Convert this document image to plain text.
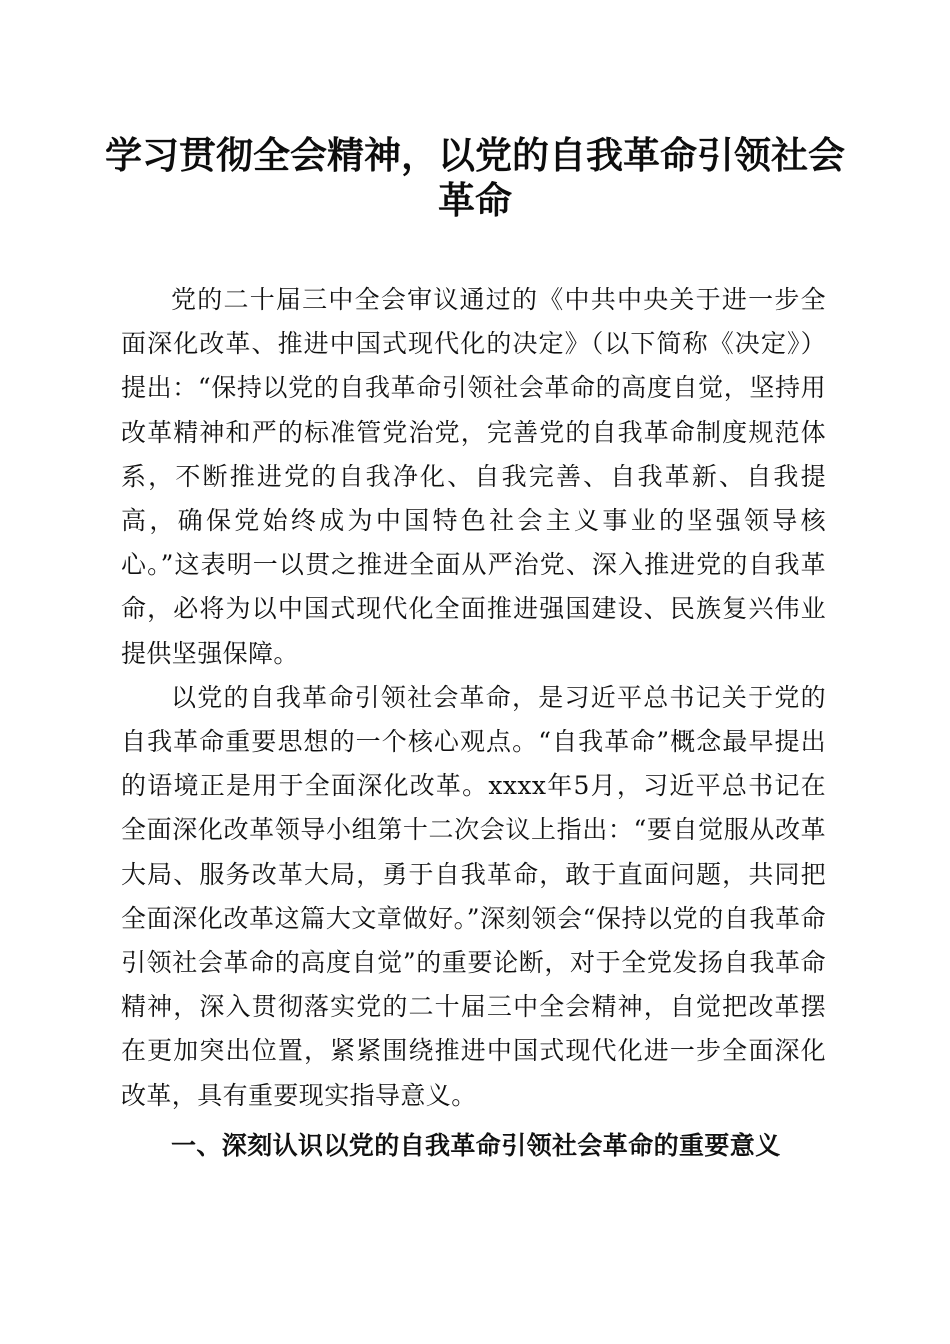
学习贯彻全会精神，以党的自我革命引领社会革命

党的二十届三中全会审议通过的《中共中央关于进一步全面深化改革、推进中国式现代化的决定》（以下简称《决定》）提出：“保持以党的自我革命引领社会革命的高度自觉，坚持用改革精神和严的标准管党治党，完善党的自我革命制度规范体系，不断推进党的自我净化、自我完善、自我革新、自我提高，确保党始终成为中国特色社会主义事业的坚强领导核心。”这表明一以贯之推进全面从严治党、深入推进党的自我革命，必将为以中国式现代化全面推进强国建设、民族复兴伟业提供坚强保障。

以党的自我革命引领社会革命，是习近平总书记关于党的自我革命重要思想的一个核心观点。“自我革命”概念最早提出的语境正是用于全面深化改革。xxxx年5月，习近平总书记在全面深化改革领导小组第十二次会议上指出：“要自觉服从改革大局、服务改革大局，勇于自我革命，敢于直面问题，共同把全面深化改革这篇大文章做好。”深刻领会“保持以党的自我革命引领社会革命的高度自觉”的重要论断，对于全党发扬自我革命精神，深入贯彻落实党的二十届三中全会精神，自觉把改革摆在更加突出位置，紧紧围绕推进中国式现代化进一步全面深化改革，具有重要现实指导意义。

一、深刻认识以党的自我革命引领社会革命的重要意义
